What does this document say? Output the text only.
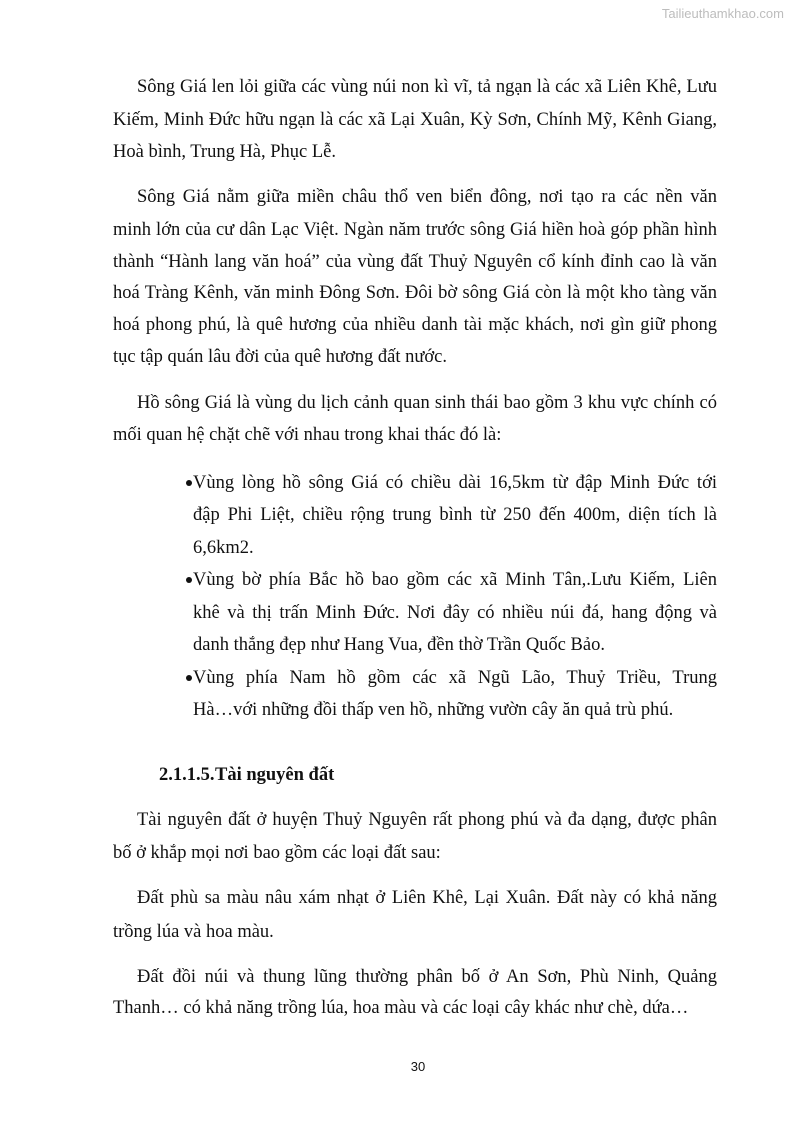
Tailieuthamkhao.com
Sông Giá len lỏi giữa các vùng núi non kì vĩ, tả ngạn là các xã Liên Khê, Lưu
Kiếm, Minh Đức hữu ngạn là các xã Lại Xuân, Kỳ Sơn, Chính Mỹ, Kênh Giang,
Hoà bình, Trung Hà, Phục Lễ.
Sông Giá nằm giữa miền châu thổ ven biển đông, nơi tạo ra các nền văn
minh lớn của cư dân Lạc Việt. Ngàn năm trước sông Giá hiền hoà góp phần hình
thành “Hành lang văn hoá” của vùng đất Thuỷ Nguyên cổ kính đỉnh cao là văn
hoá Tràng Kênh, văn minh Đông Sơn. Đôi bờ sông Giá còn là một kho tàng văn
hoá phong phú, là quê hương của nhiều danh tài mặc khách, nơi gìn giữ phong
tục tập quán lâu đời của quê hương đất nước.
Hồ sông Giá là vùng du lịch cảnh quan sinh thái bao gồm 3 khu vực chính có
mối quan hệ chặt chẽ với nhau trong khai thác đó là:
Vùng lòng hồ sông Giá có chiều dài 16,5km từ đập Minh Đức tới
đập Phi Liệt, chiều rộng trung bình từ 250 đến 400m, diện tích là
6,6km2.
Vùng bờ phía Bắc hồ bao gồm các xã Minh Tân,.Lưu Kiếm, Liên
khê và thị trấn Minh Đức. Nơi đây có nhiều núi đá, hang động và
danh thắng đẹp như Hang Vua, đền thờ Trần Quốc Bảo.
Vùng phía Nam hồ gồm các xã Ngũ Lão, Thuỷ Triều, Trung
Hà…với những đồi thấp ven hồ, những vườn cây ăn quả trù phú.
Tài nguyên đất ở huyện Thuỷ Nguyên rất phong phú và đa dạng, được phân
bố ở khắp mọi nơi bao gồm các loại đất sau:
Đất phù sa màu nâu xám nhạt ở Liên Khê, Lại Xuân. Đất này có khả năng
trồng lúa và hoa màu.
Đất đồi núi và thung lũng thường phân bố ở An Sơn, Phù Ninh, Quảng
Thanh… có khả năng trồng lúa, hoa màu và các loại cây khác như chè, dứa…
2.1.1.5.Tài nguyên đất
30
